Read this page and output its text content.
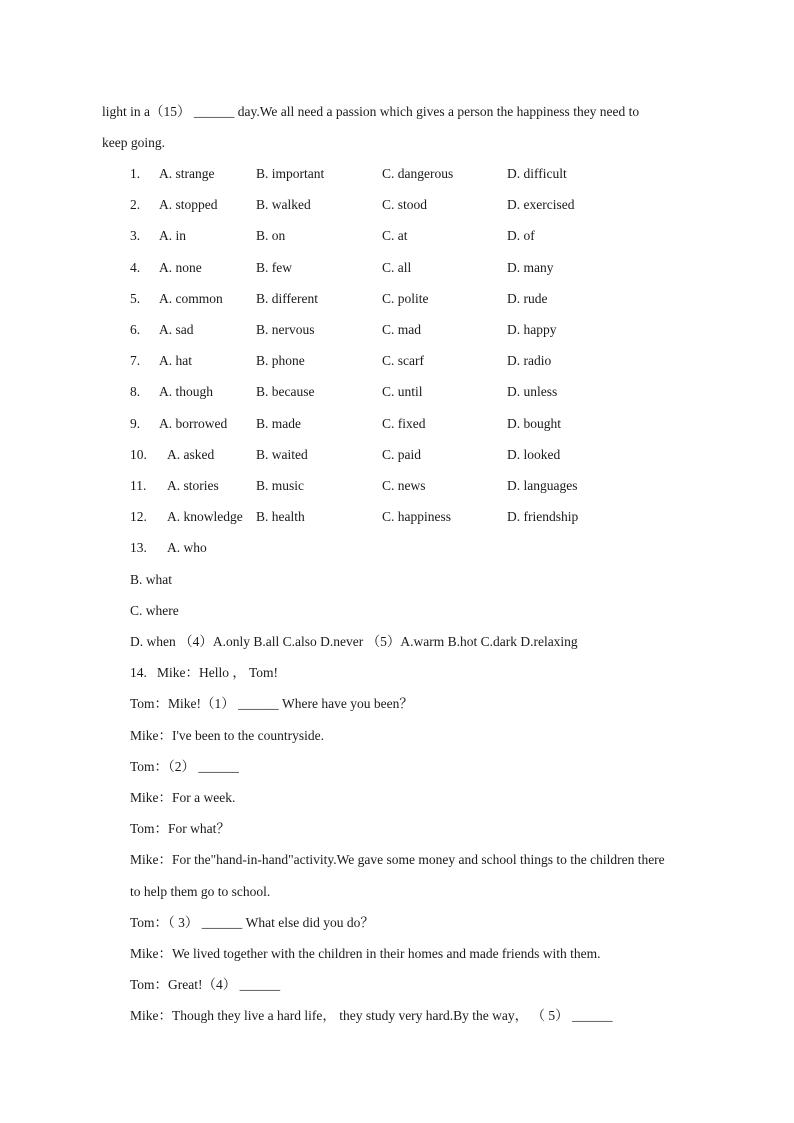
light in a（15） ______ day.We all need a passion which gives a person the happiness they need to
keep going.
1. A. strange	B. important	C. dangerous	D. difficult
2. A. stopped	B. walked	C. stood	D. exercised
3. A. in	B. on	C. at	D. of
4. A. none	B. few	C. all	D. many
5. A. common B. different	C. polite	D. rude
6. A. sad	B. nervous	C. mad	D. happy
7. A. hat	B. phone	C. scarf	D. radio
8. A. though	B. because	C. until	D. unless
9. A. borrowed B. made	C. fixed	D. bought
10. A. asked	B. waited	C. paid	D. looked
11. A. stories	B. music	C. news	D. languages
12. A. knowledge B. health	C. happiness	D. friendship
13. A. who
B. what
C. where
D. when （4）A.only B.all C.also D.never （5）A.warm B.hot C.dark D.relaxing
14.   Mike：Hello ， Tom!
Tom：Mike!（1） ______ Where have you been？
Mike：I've been to the countryside.
Tom：（2） ______
Mike：For a week.
Tom：For what？
Mike：For the"hand-in-hand"activity.We gave some money and school things to the children there
to help them go to school.
Tom：（ 3） ______ What else did you do？
Mike：We lived together with the children in their homes and made friends with them.
Tom：Great!（4） ______
Mike：Though they live a hard life， they study very hard.By the way， （ 5） ______
